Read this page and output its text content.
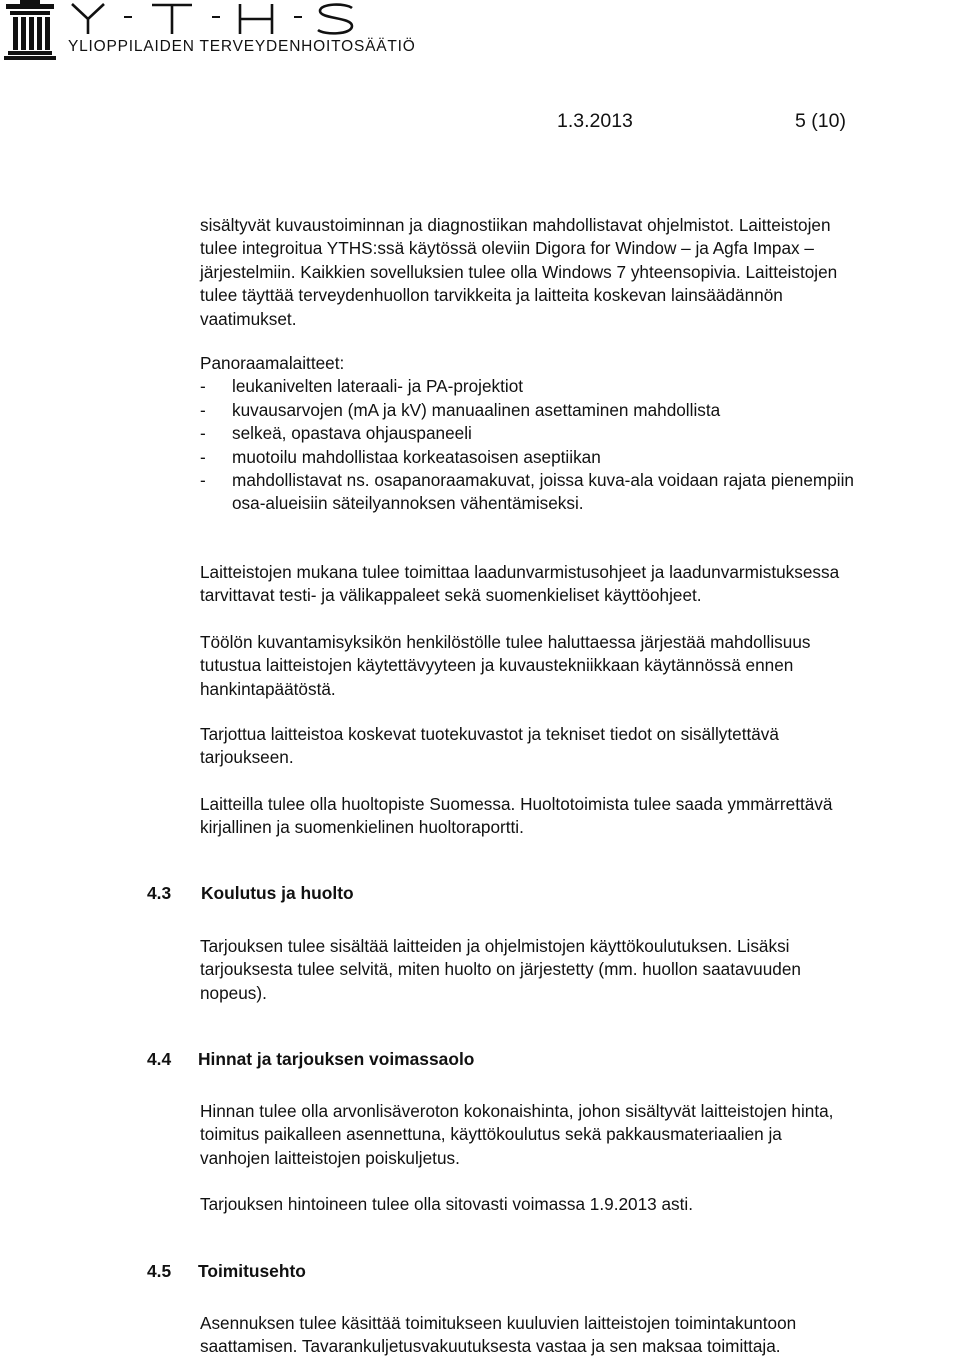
YLIOPPILAIDEN TERVEYDENHOITOSÄÄTIÖ
1.3.2013	5 (10)
sisältyvät kuvaustoiminnan ja diagnostiikan mahdollistavat ohjelmistot. Laitteistojen
tulee integroitua YTHS:ssä käytössä oleviin Digora for Window – ja Agfa Impax –
järjestelmiin. Kaikkien sovelluksien tulee olla Windows 7 yhteensopivia. Laitteistojen
tulee täyttää terveydenhuollon tarvikkeita ja laitteita koskevan lainsäädännön
vaatimukset.
Panoraamalaitteet:
- leukanivelten lateraali- ja PA-projektiot
- kuvausarvojen (mA ja kV) manuaalinen asettaminen mahdollista
- selkeä, opastava ohjauspaneeli
- muotoilu mahdollistaa korkeatasoisen aseptiikan
- mahdollistavat ns. osapanoraamakuvat, joissa kuva-ala voidaan rajata pienempiin
osa-alueisiin säteilyannoksen vähentämiseksi.
Laitteistojen mukana tulee toimittaa laadunvarmistusohjeet ja laadunvarmistuksessa
tarvittavat testi- ja välikappaleet sekä suomenkieliset käyttöohjeet.
Töölön kuvantamisyksikön henkilöstölle tulee haluttaessa järjestää mahdollisuus
tutustua laitteistojen käytettävyyteen ja kuvaustekniikkaan käytännössä ennen
hankintapäätöstä.
Tarjottua laitteistoa koskevat tuotekuvastot ja tekniset tiedot on sisällytettävä
tarjoukseen.
Laitteilla tulee olla huoltopiste Suomessa. Huoltotoimista tulee saada ymmärrettävä
kirjallinen ja suomenkielinen huoltoraportti.
4.3 Koulutus ja huolto
Tarjouksen tulee sisältää laitteiden ja ohjelmistojen käyttökoulutuksen. Lisäksi
tarjouksesta tulee selvitä, miten huolto on järjestetty (mm. huollon saatavuuden
nopeus).
4.4 Hinnat ja tarjouksen voimassaolo
Hinnan tulee olla arvonlisäveroton kokonaishinta, johon sisältyvät laitteistojen hinta,
toimitus paikalleen asennettuna, käyttökoulutus sekä pakkausmateriaalien ja
vanhojen laitteistojen poiskuljetus.
Tarjouksen hintoineen tulee olla sitovasti voimassa 1.9.2013 asti.
4.5 Toimitusehto
Asennuksen tulee käsittää toimitukseen kuuluvien laitteistojen toimintakuntoon
saattamisen. Tavarankuljetusvakuutuksesta vastaa ja sen maksaa toimittaja.
